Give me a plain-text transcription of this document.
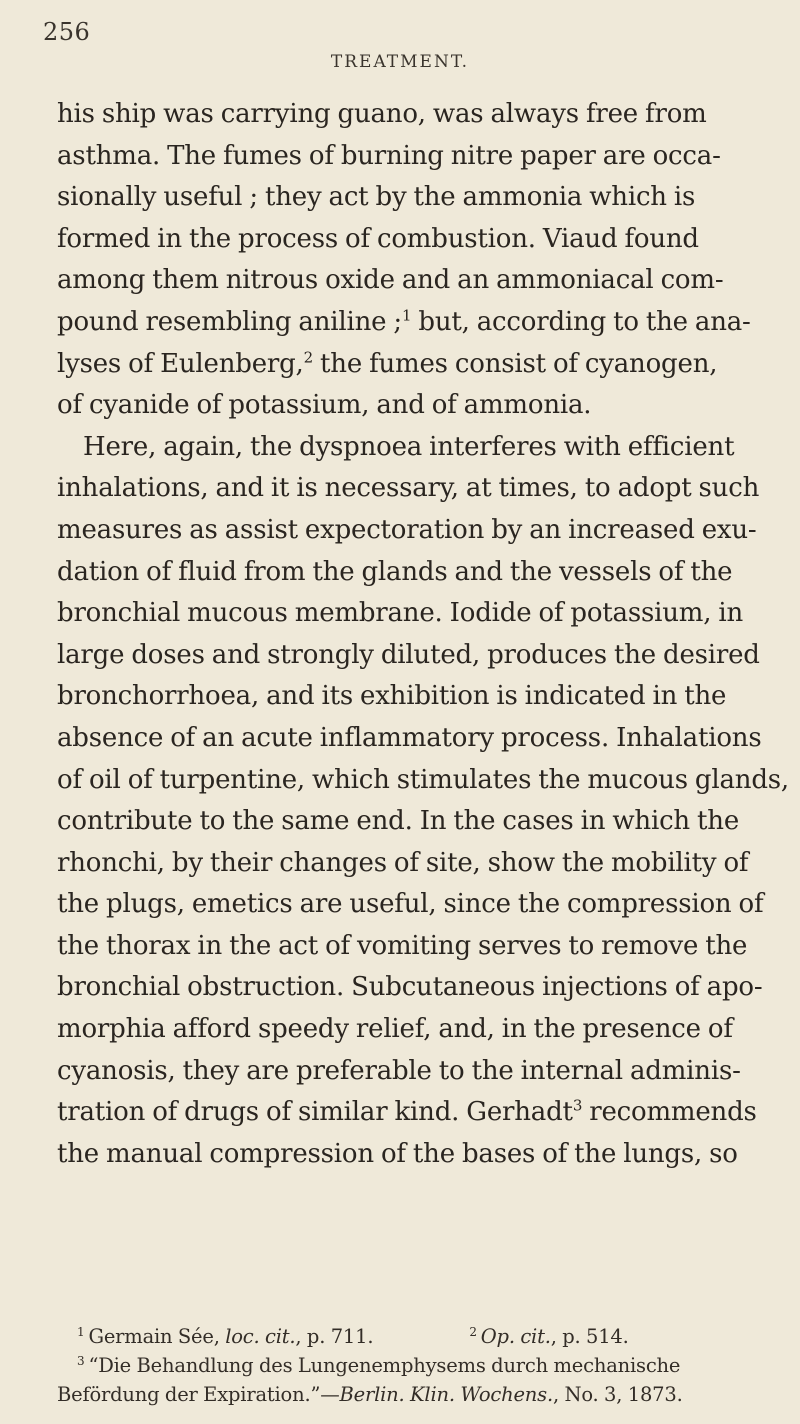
256
TREATMENT.
his ship was carrying guano, was always free from
asthma. The fumes of burning nitre paper are occa-
sionally useful ; they act by the ammonia which is
formed in the process of combustion. Viaud found
among them nitrous oxide and an ammoniacal com-
pound resembling aniline ;$^1$ but, according to the ana-
lyses of Eulenberg,$^2$ the fumes consist of cyanogen,
of cyanide of potassium, and of ammonia.
Here, again, the dyspnoea interferes with efficient
inhalations, and it is necessary, at times, to adopt such
measures as assist expectoration by an increased exu-
dation of fluid from the glands and the vessels of the
bronchial mucous membrane. Iodide of potassium, in
large doses and strongly diluted, produces the desired
bronchorrhoea, and its exhibition is indicated in the
absence of an acute inflammatory process. Inhalations
of oil of turpentine, which stimulates the mucous glands,
contribute to the same end. In the cases in which the
rhonchi, by their changes of site, show the mobility of
the plugs, emetics are useful, since the compression of
the thorax in the act of vomiting serves to remove the
bronchial obstruction. Subcutaneous injections of apo-
morphia afford speedy relief, and, in the presence of
cyanosis, they are preferable to the internal adminis-
tration of drugs of similar kind. Gerhadt$^3$ recommends
the manual compression of the bases of the lungs, so
$^1$ Germain Sée, loc. cit., p. 711.	$^2$ Op. cit., p. 514.
$^3$ “Die Behandlung des Lungenemphysems durch mechanische
Befördung der Expiration.”—Berlin. Klin. Wochens., No. 3, 1873.
